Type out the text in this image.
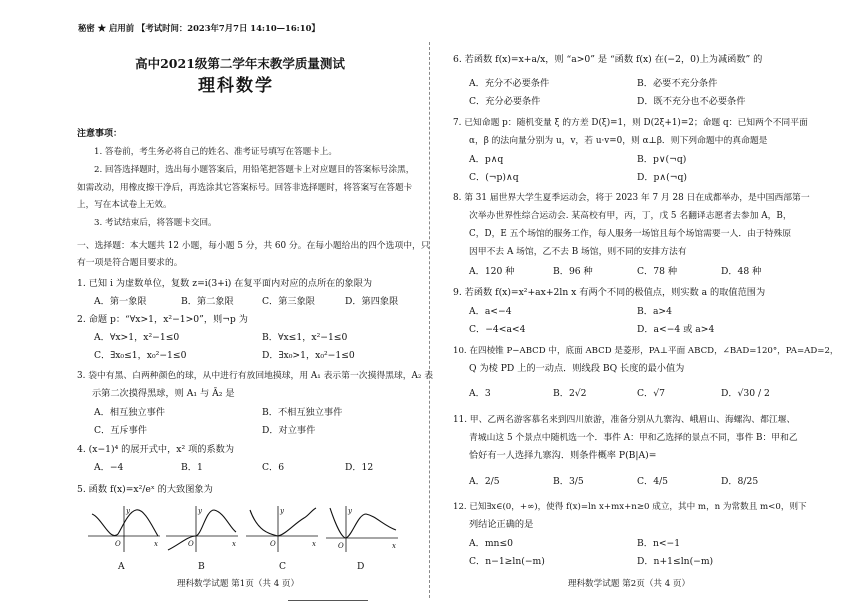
秘密 ★ 启用前 【考试时间：2023年7月7日 14:10—16:10】
高中2021级第二学年末教学质量测试
理科数学
注意事项：
1. 答卷前，考生务必将自己的姓名、准考证号填写在答题卡上。
2. 回答选择题时，选出每小题答案后，用铅笔把答题卡上对应题目的答案标号涂黑，
如需改动，用橡皮擦干净后，再选涂其它答案标号。回答非选择题时，将答案写在答题卡
上，写在本试卷上无效。
3. 考试结束后，将答题卡交回。
一、选择题：本大题共 12 小题，每小题 5 分，共 60 分。在每小题给出的四个选项中，只
有一项是符合题目要求的。
1. 已知 i 为虚数单位，复数 z=i(3+i) 在复平面内对应的点所在的象限为
A．第一象限	B．第二象限	C．第三象限	D．第四象限
2. 命题 p：“∀x>1，x²−1>0”，则¬p 为
A．∀x>1，x²−1≤0	B．∀x≤1，x²−1≤0
C．∃x₀≤1，x₀²−1≤0	D．∃x₀>1，x₀²−1≤0
3. 袋中有黑、白两种颜色的球，从中进行有放回地摸球，用 A₁ 表示第一次摸得黑球，A₂ 表
示第二次摸得黑球，则 A₁ 与 Ā₂ 是
A．相互独立事件	B．不相互独立事件
C．互斥事件	D．对立事件
4. (x−1)⁴ 的展开式中，x² 项的系数为
A．−4	B．1	C．6	D．12
5. 函数 f(x)=x²/eˣ 的大致图象为
O	x
y
O	x
y
O	x
y
O	x
y
A	B	C	D
理科数学试题 第1页（共 4 页）
6. 若函数 f(x)=x+a/x，则 “a>0” 是 “函数 f(x) 在(−2，0)上为减函数” 的
A．充分不必要条件	B．必要不充分条件
C．充分必要条件	D．既不充分也不必要条件
7. 已知命题 p：随机变量 ξ 的方差 D(ξ)=1，则 D(2ξ+1)=2；命题 q：已知两个不同平面
α，β 的法向量分别为 u，v，若 u·v=0，则 α⊥β．则下列命题中的真命题是
A．p∧q	B．p∨(¬q)
C．(¬p)∧q	D．p∧(¬q)
8. 第 31 届世界大学生夏季运动会，将于 2023 年 7 月 28 日在成都举办，是中国西部第一
次举办世界性综合运动会. 某高校有甲，丙，丁，戊 5 名翻译志愿者去参加 A，B，
C，D，E 五个场馆的服务工作，每人服务一场馆且每个场馆需要一人．由于特殊原
因甲不去 A 场馆，乙不去 B 场馆，则不同的安排方法有
A．120 种	B．96 种	C．78 种	D．48 种
9. 若函数 f(x)=x²+ax+2ln x 有两个不同的极值点，则实数 a 的取值范围为
A．a<−4	B．a>4
C．−4<a<4	D．a<−4 或 a>4
10. 在四棱锥 P−ABCD 中，底面 ABCD 是菱形，PA⊥平面 ABCD，∠BAD=120°，PA=AD=2，
Q 为棱 PD 上的一动点．则线段 BQ 长度的最小值为
A．3	B．2√2	C．√7	D．√30 / 2
11. 甲、乙两名游客慕名来到四川旅游，准备分别从九寨沟、峨眉山、海螺沟、都江堰、
青城山这 5 个景点中随机选一个．事件 A：甲和乙选择的景点不同，事件 B：甲和乙
恰好有一人选择九寨沟．则条件概率 P(B|A)=
A．2/5	B．3/5	C．4/5	D．8/25
12. 已知∃x∈(0，+∞)，使得 f(x)=ln x+mx+n≥0 成立，其中 m，n 为常数且 m<0，则下
列结论正确的是
A．mn≤0	B．n<−1
C．n−1≥ln(−m)	D．n+1≤ln(−m)
理科数学试题 第2页（共 4 页）
